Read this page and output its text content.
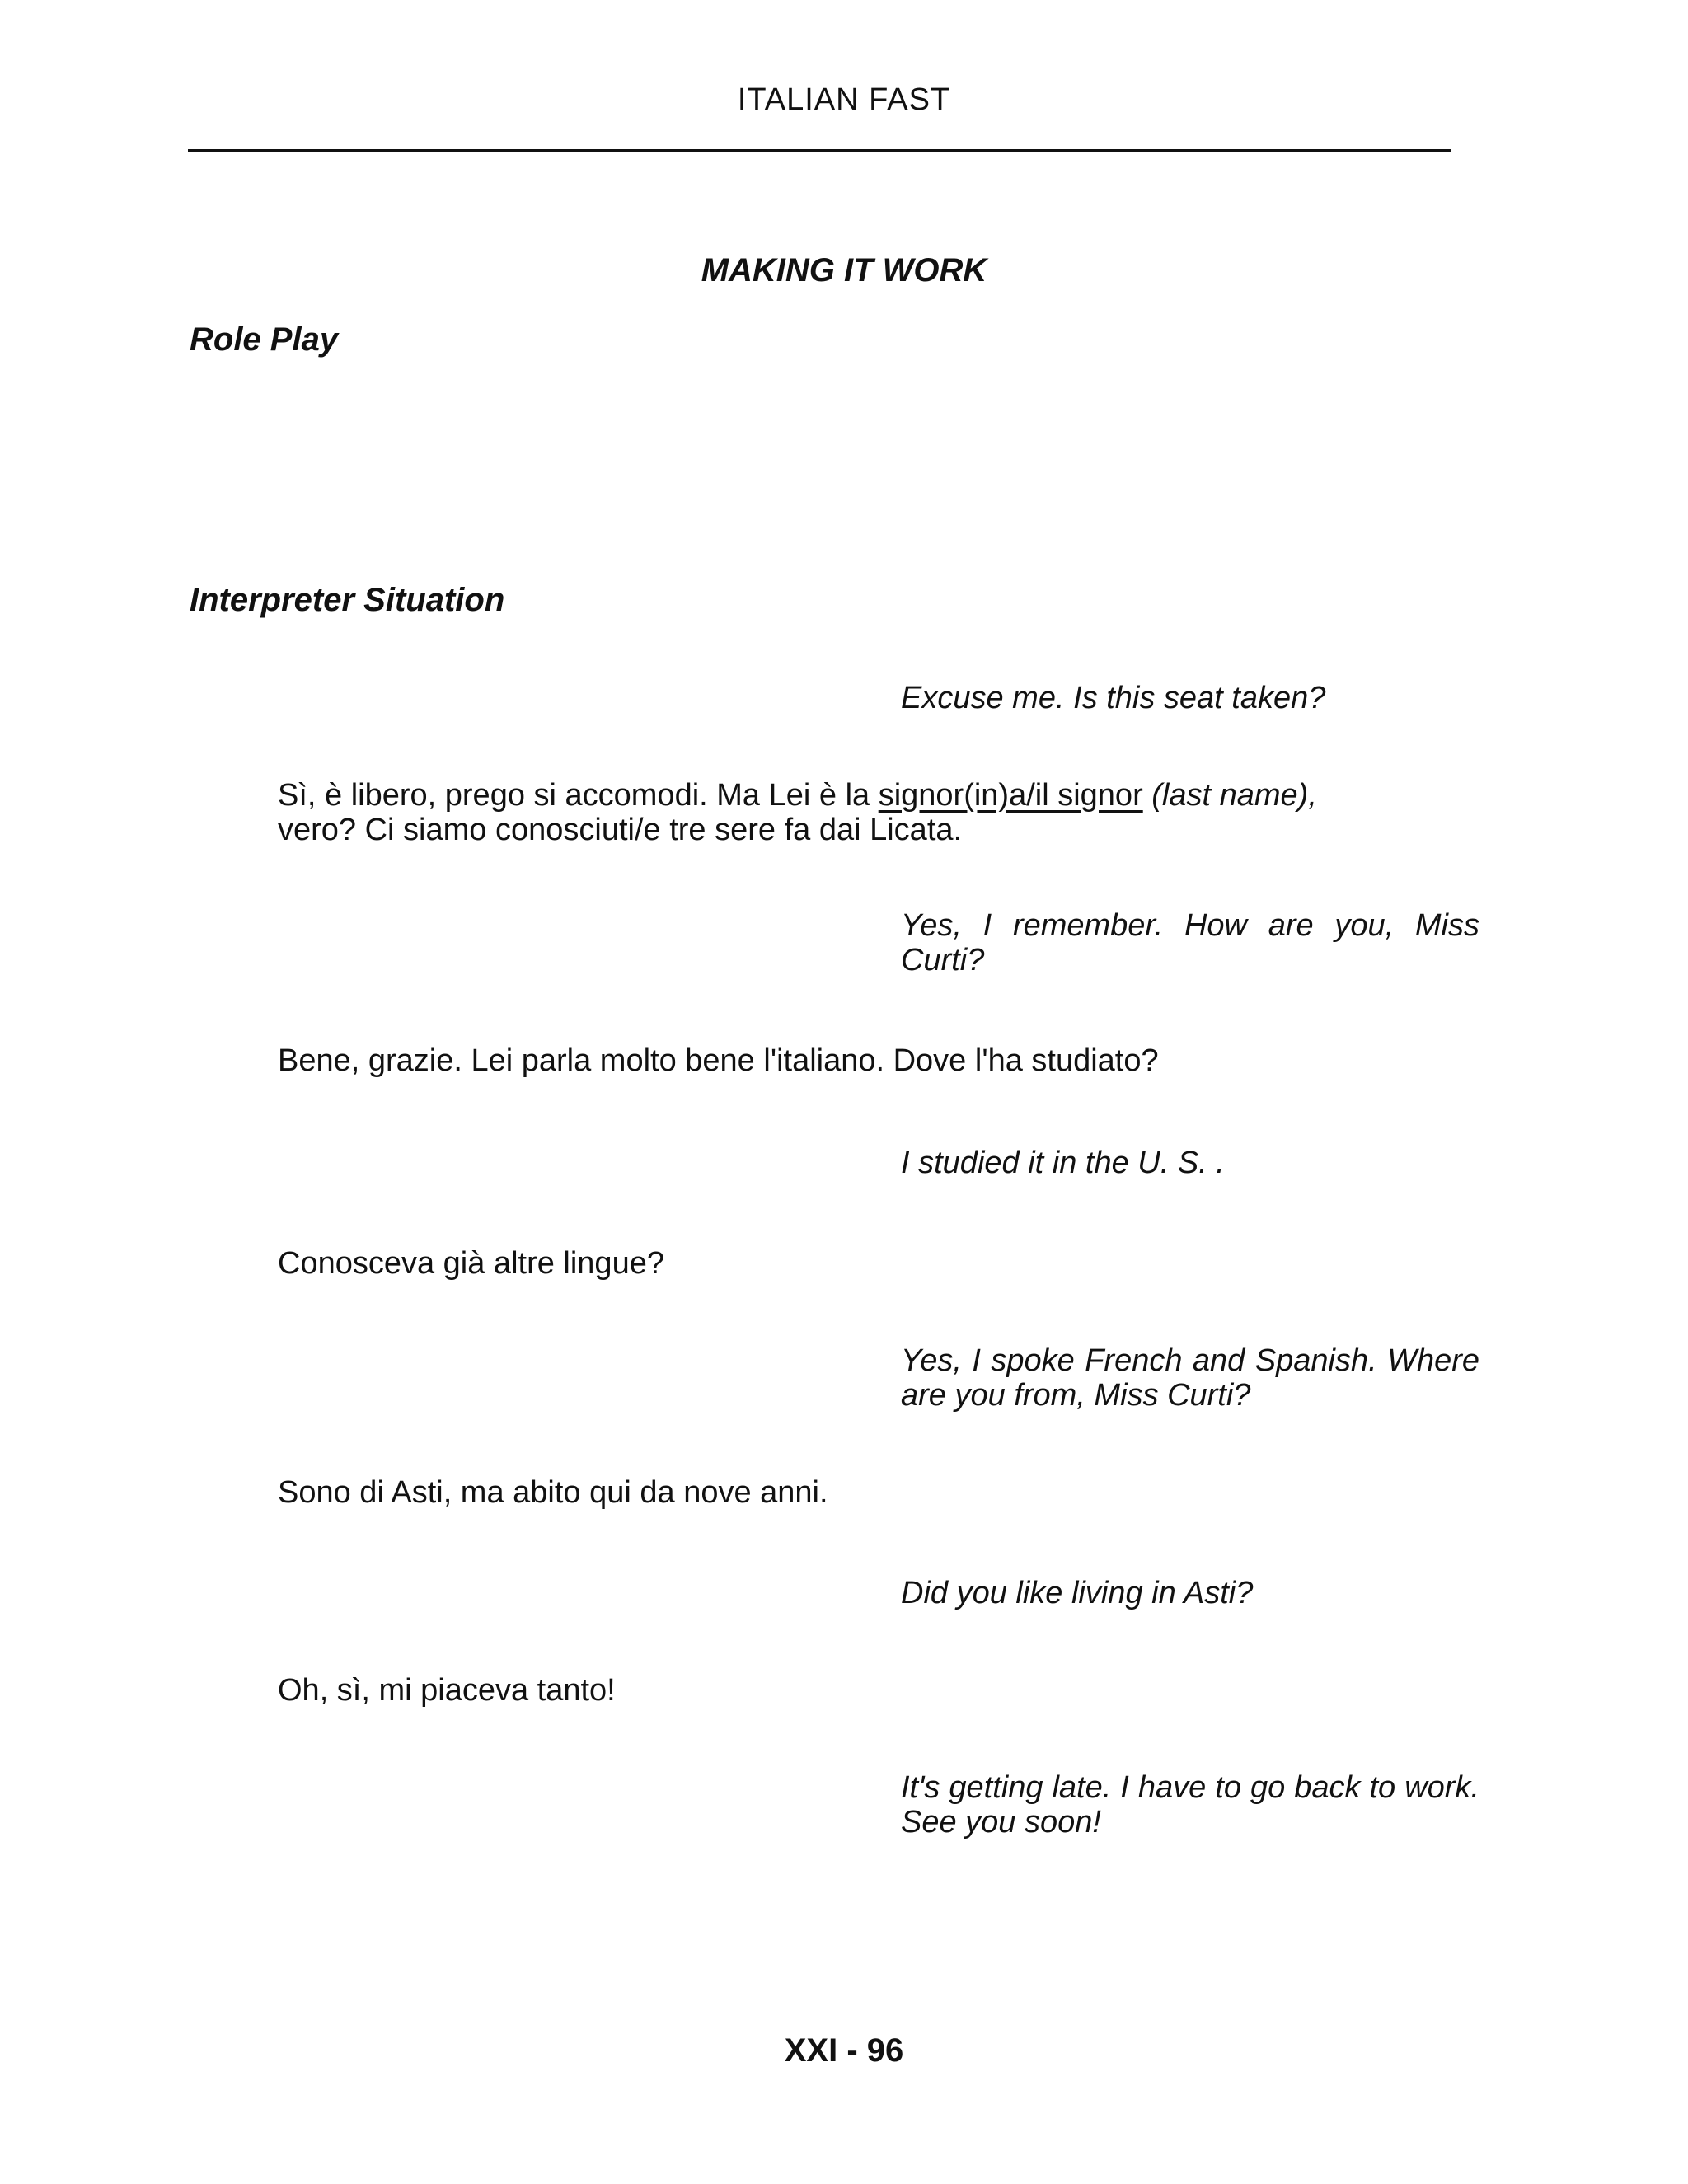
ITALIAN FAST
MAKING IT WORK
Role Play
Interpreter Situation
Excuse me. Is this seat taken?
Sì, è libero, prego si accomodi. Ma Lei è la signor(in)a/il signor (last name),
vero? Ci siamo conosciuti/e tre sere fa dai Licata.
Yes, I remember. How are you, Miss Curti?
Bene, grazie. Lei parla molto bene l'italiano. Dove l'ha studiato?
I studied it in the U. S. .
Conosceva già altre lingue?
Yes, I spoke French and Spanish. Where are you from, Miss Curti?
Sono di Asti, ma abito qui da nove anni.
Did you like living in Asti?
Oh, sì, mi piaceva tanto!
It's getting late. I have to go back to work. See you soon!
XXI - 96
